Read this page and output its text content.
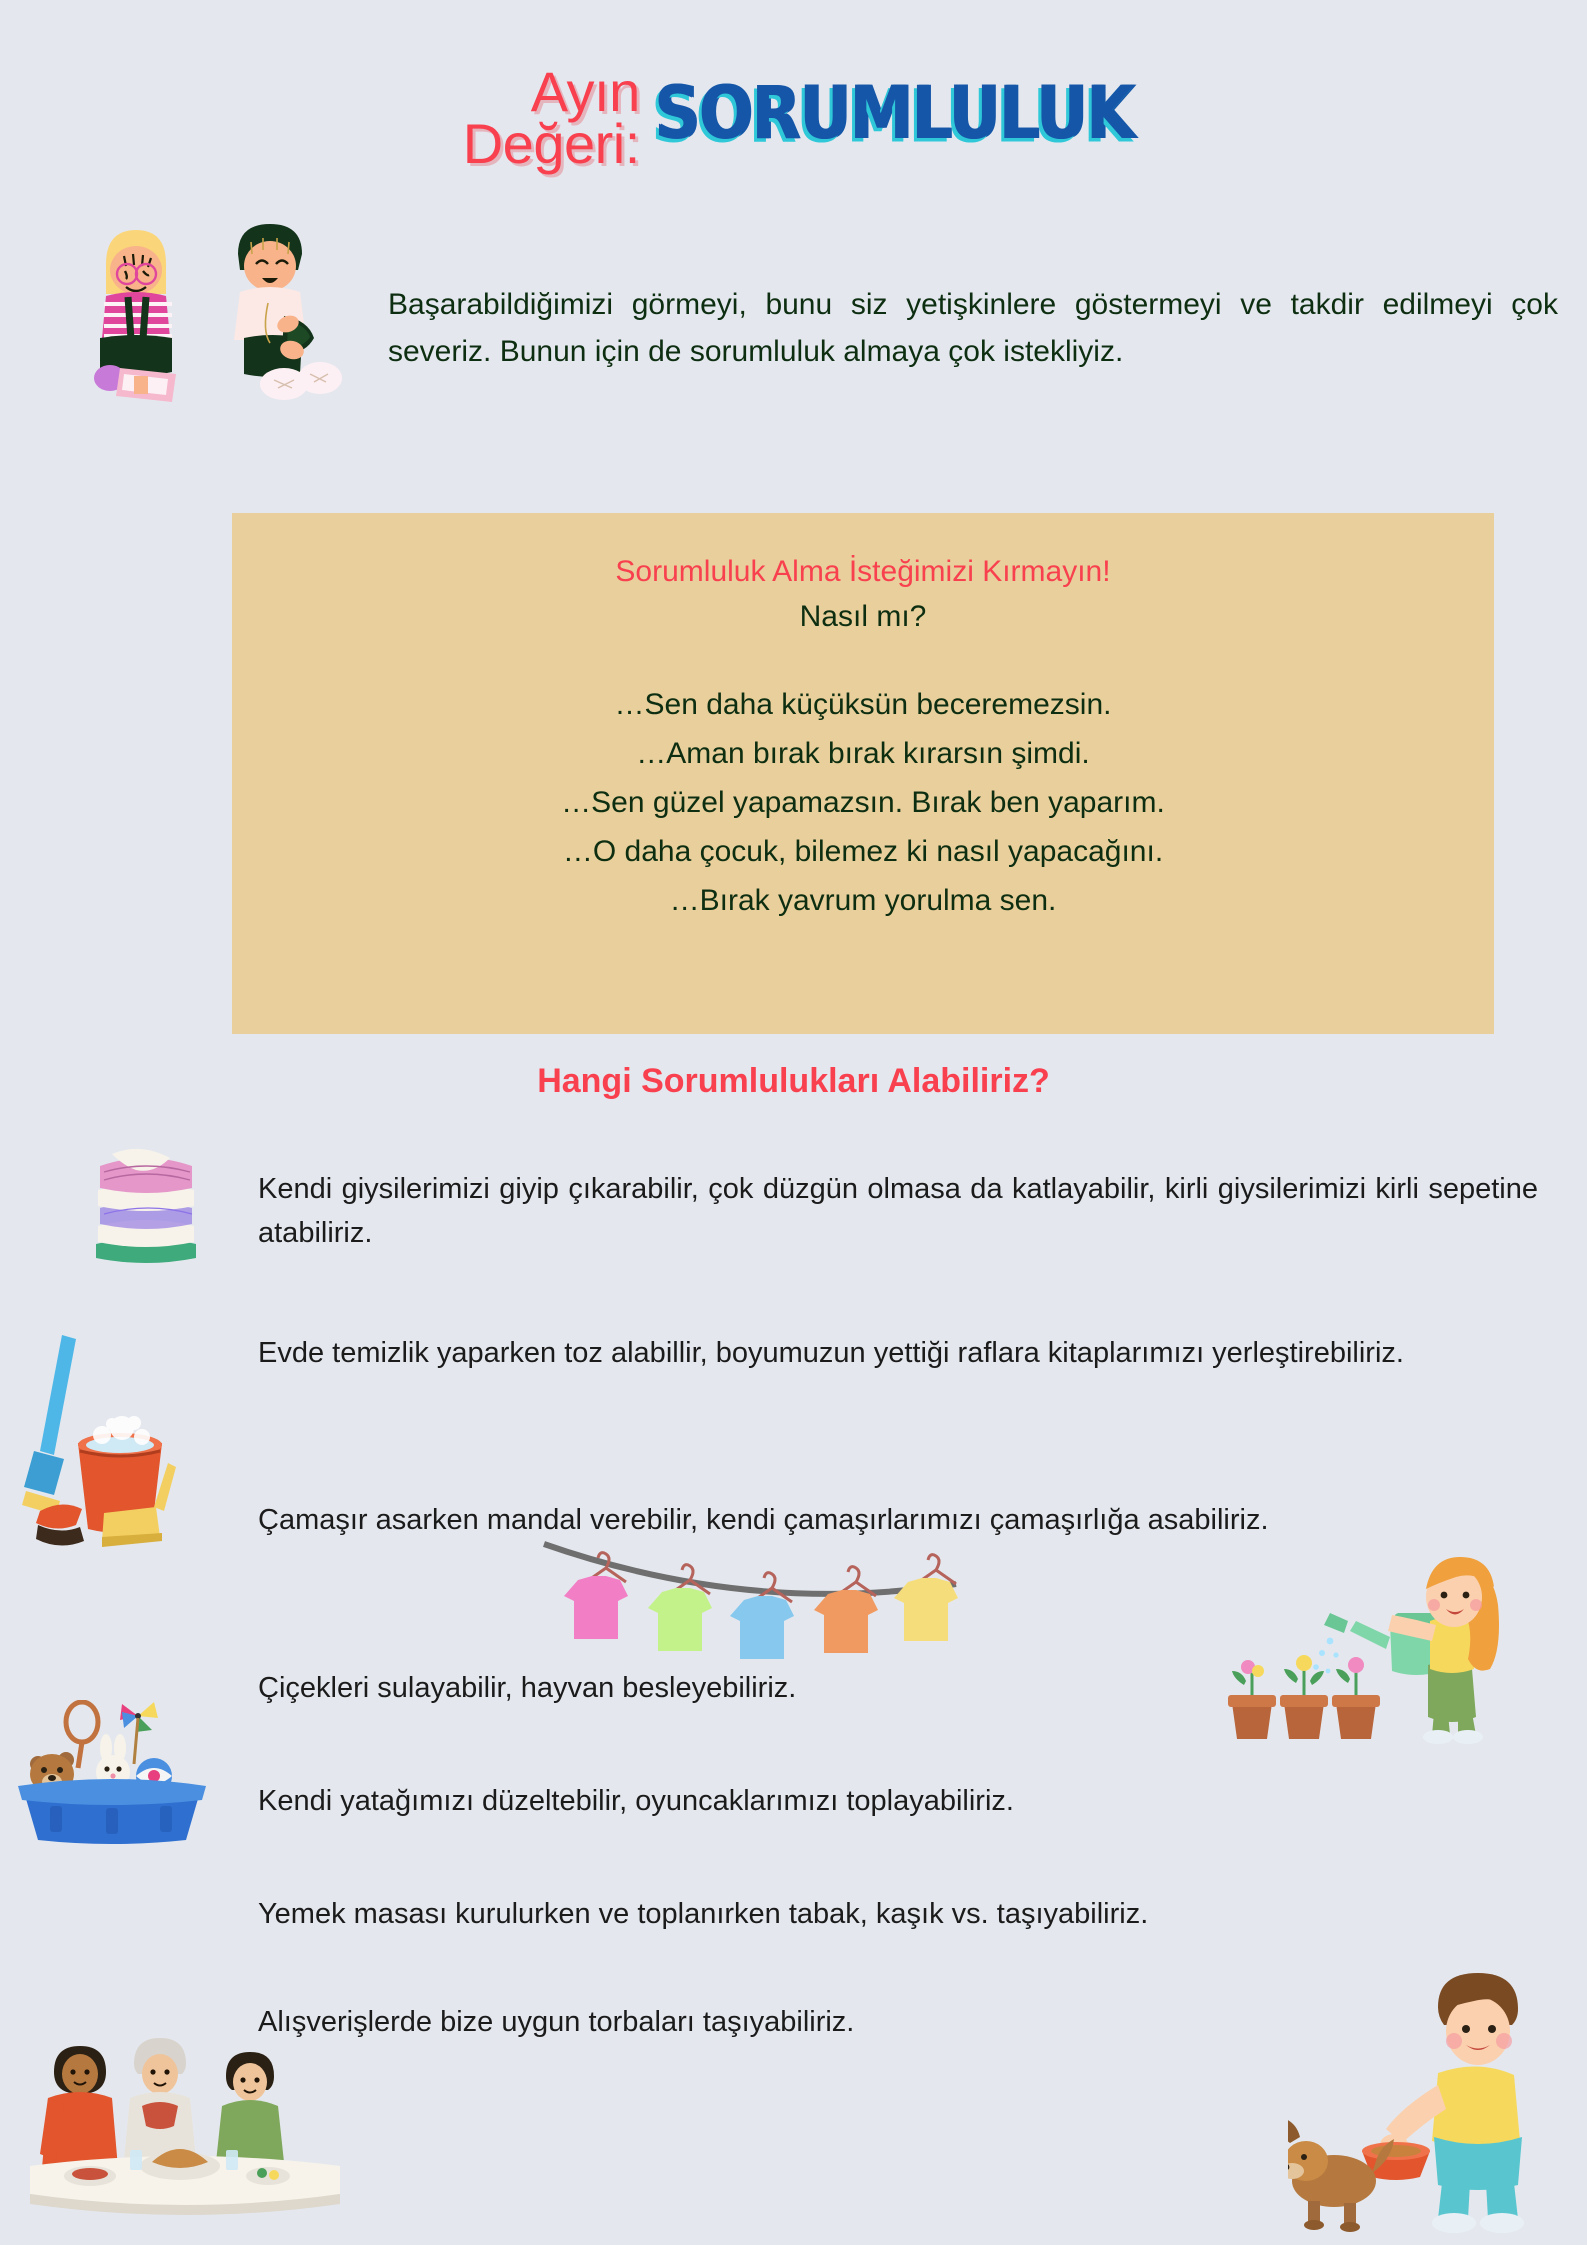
Ayın
Değeri: SORUMLULUK
Başarabildiğimizi görmeyi, bunu siz yetişkinlere göstermeyi ve takdir edilmeyi çok severiz. Bunun için de sorumluluk almaya çok istekliyiz.
Sorumluluk Alma İsteğimizi Kırmayın!
Nasıl mı?
…Sen daha küçüksün beceremezsin.
…Aman bırak bırak kırarsın şimdi.
…Sen güzel yapamazsın. Bırak ben yaparım.
…O daha çocuk, bilemez ki nasıl yapacağını.
…Bırak yavrum yorulma sen.
Hangi Sorumlulukları Alabiliriz?
Kendi giysilerimizi giyip çıkarabilir, çok düzgün olmasa da katlayabilir, kirli giysilerimizi kirli sepetine atabiliriz.
Evde temizlik yaparken toz alabillir, boyumuzun yettiği raflara kitaplarımızı yerleştirebiliriz.
Çamaşır asarken mandal verebilir, kendi çamaşırlarımızı çamaşırlığa asabiliriz.
Çiçekleri sulayabilir, hayvan besleyebiliriz.
Kendi yatağımızı düzeltebilir, oyuncaklarımızı toplayabiliriz.
Yemek masası kurulurken ve toplanırken tabak, kaşık vs. taşıyabiliriz.
Alışverişlerde bize uygun torbaları taşıyabiliriz.
